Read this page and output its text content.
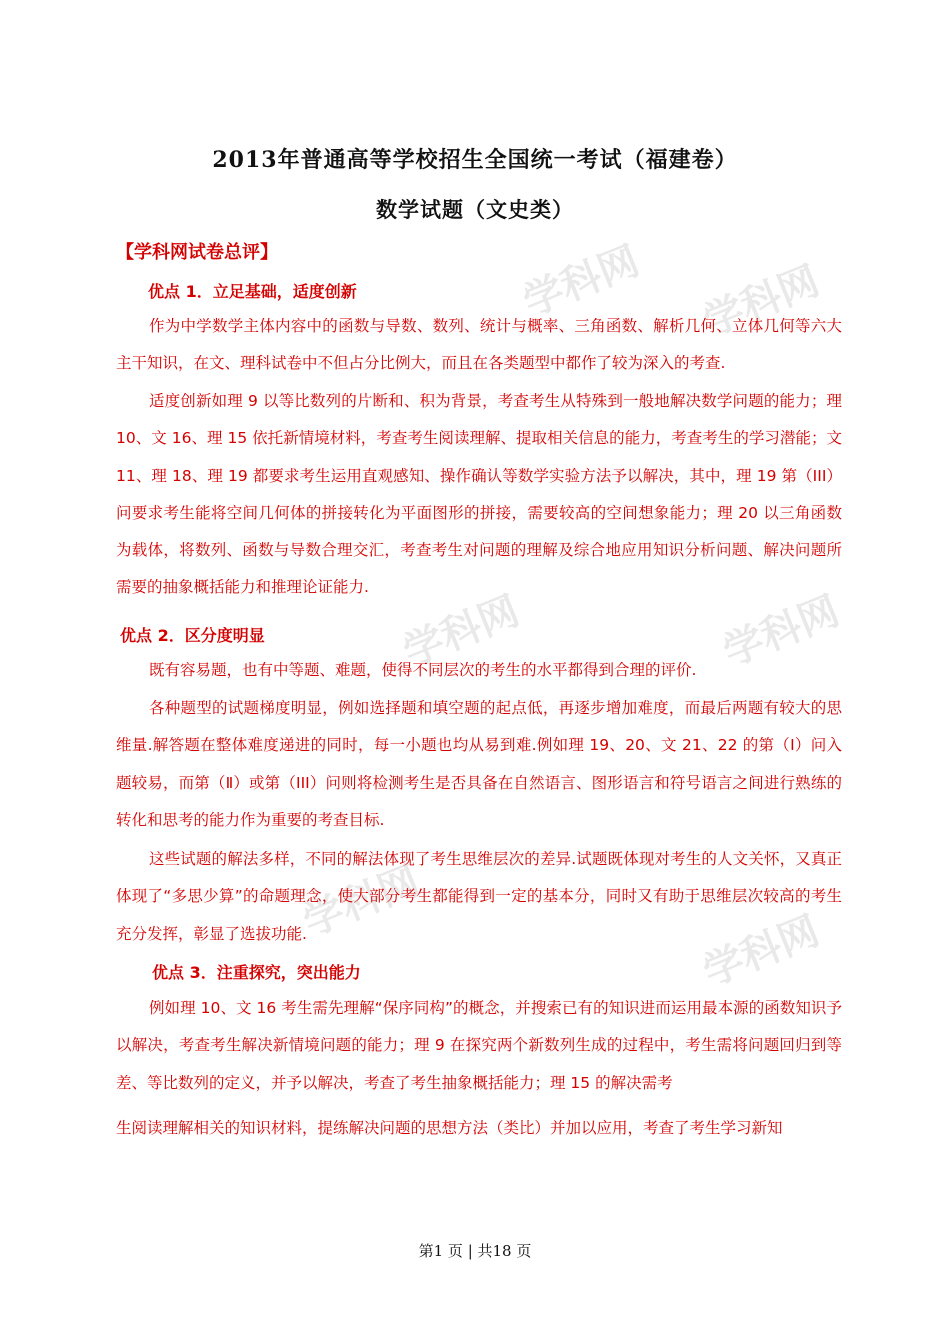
学科网 学科网
学科网	学科网
学科网
学科网
2013年普通高等学校招生全国统一考试（福建卷）
数学试题（文史类）
【学科网试卷总评】
优点 1．立足基础，适度创新

作为中学数学主体内容中的函数与导数、数列、统计与概率、三角函数、解析几何、立体几何等六大主干知识，在文、理科试卷中不但占分比例大，而且在各类题型中都作了较为深入的考查.

适度创新如理 9 以等比数列的片断和、积为背景，考查考生从特殊到一般地解决数学问题的能力；理 10、文 16、理 15 依托新情境材料，考查考生阅读理解、提取相关信息的能力，考查考生的学习潜能；文 11、理 18、理 19 都要求考生运用直观感知、操作确认等数学实验方法予以解决，其中，理 19 第（III）问要求考生能将空间几何体的拼接转化为平面图形的拼接，需要较高的空间想象能力；理 20 以三角函数为载体，将数列、函数与导数合理交汇，考查考生对问题的理解及综合地应用知识分析问题、解决问题所需要的抽象概括能力和推理论证能力.

优点 2．区分度明显

既有容易题，也有中等题、难题，使得不同层次的考生的水平都得到合理的评价.

各种题型的试题梯度明显，例如选择题和填空题的起点低，再逐步增加难度，而最后两题有较大的思维量.解答题在整体难度递进的同时，每一小题也均从易到难.例如理 19、20、文 21、22 的第（Ⅰ）问入题较易，而第（Ⅱ）或第（III）问则将检测考生是否具备在自然语言、图形语言和符号语言之间进行熟练的转化和思考的能力作为重要的考查目标.

这些试题的解法多样，不同的解法体现了考生思维层次的差异.试题既体现对考生的人文关怀，又真正体现了“多思少算”的命题理念，使大部分考生都能得到一定的基本分，同时又有助于思维层次较高的考生充分发挥，彰显了选拔功能.

优点 3．注重探究，突出能力

例如理 10、文 16 考生需先理解“保序同构”的概念，并搜索已有的知识进而运用最本源的函数知识予以解决，考查考生解决新情境问题的能力；理 9 在探究两个新数列生成的过程中，考生需将问题回归到等差、等比数列的定义，并予以解决，考查了考生抽象概括能力；理 15 的解决需考

生阅读理解相关的知识材料，提练解决问题的思想方法（类比）并加以应用，考查了考生学习新知
第1 页 | 共18 页
